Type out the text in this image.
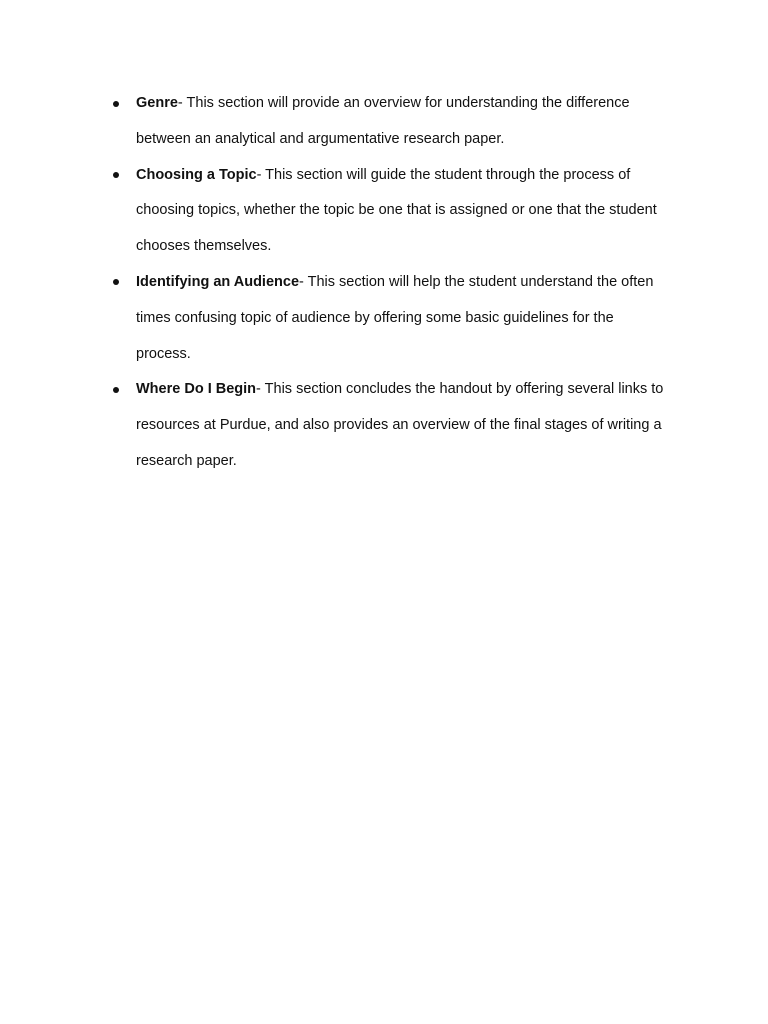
Genre- This section will provide an overview for understanding the difference between an analytical and argumentative research paper.
Choosing a Topic- This section will guide the student through the process of choosing topics, whether the topic be one that is assigned or one that the student chooses themselves.
Identifying an Audience- This section will help the student understand the often times confusing topic of audience by offering some basic guidelines for the process.
Where Do I Begin- This section concludes the handout by offering several links to resources at Purdue, and also provides an overview of the final stages of writing a research paper.
